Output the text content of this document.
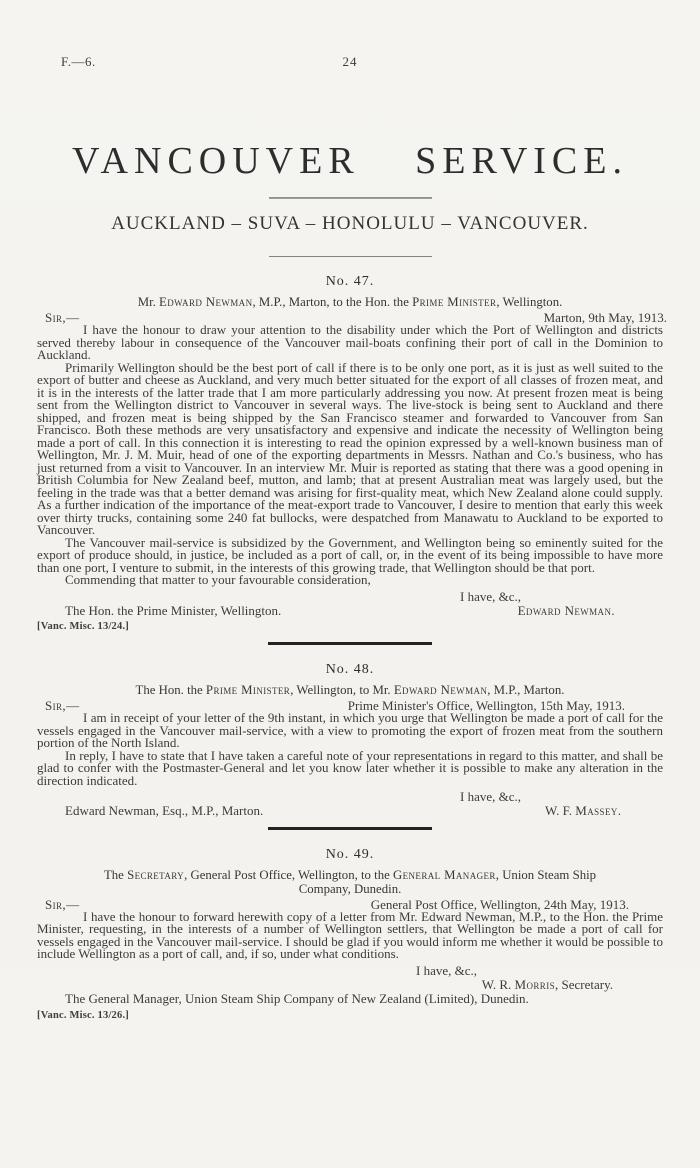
F.—6.	24
VANCOUVER SERVICE.
AUCKLAND – SUVA – HONOLULU – VANCOUVER.
No. 47.

Mr. Edward Newman, M.P., Marton, to the Hon. the Prime Minister, Wellington.

Sir,—	Marton, 9th May, 1913.

I have the honour to draw your attention to the disability under which the Port of Wellington and districts served thereby labour in consequence of the Vancouver mail-boats confining their port of call in the Dominion to Auckland.

Primarily Wellington should be the best port of call if there is to be only one port, as it is just as well suited to the export of butter and cheese as Auckland, and very much better situated for the export of all classes of frozen meat, and it is in the interests of the latter trade that I am more particularly addressing you now. At present frozen meat is being sent from the Wellington district to Vancouver in several ways. The live-stock is being sent to Auckland and there shipped, and frozen meat is being shipped by the San Francisco steamer and forwarded to Vancouver from San Francisco. Both these methods are very unsatisfactory and expensive and indicate the necessity of Wellington being made a port of call. In this connection it is interesting to read the opinion expressed by a well-known business man of Wellington, Mr. J. M. Muir, head of one of the exporting departments in Messrs. Nathan and Co.'s business, who has just returned from a visit to Vancouver. In an interview Mr. Muir is reported as stating that there was a good opening in British Columbia for New Zealand beef, mutton, and lamb; that at present Australian meat was largely used, but the feeling in the trade was that a better demand was arising for first-quality meat, which New Zealand alone could supply. As a further indication of the importance of the meat-export trade to Vancouver, I desire to mention that early this week over thirty trucks, containing some 240 fat bullocks, were despatched from Manawatu to Auckland to be exported to Vancouver.

The Vancouver mail-service is subsidized by the Government, and Wellington being so eminently suited for the export of produce should, in justice, be included as a port of call, or, in the event of its being impossible to have more than one port, I venture to submit, in the interests of this growing trade, that Wellington should be that port.

Commending that matter to your favourable consideration,

I have, &c.,
The Hon. the Prime Minister, Wellington.	Edward Newman.
[Vanc. Misc. 13/24.]
No. 48.

The Hon. the Prime Minister, Wellington, to Mr. Edward Newman, M.P., Marton.

Sir,—	Prime Minister's Office, Wellington, 15th May, 1913.

I am in receipt of your letter of the 9th instant, in which you urge that Wellington be made a port of call for the vessels engaged in the Vancouver mail-service, with a view to promoting the export of frozen meat from the southern portion of the North Island.

In reply, I have to state that I have taken a careful note of your representations in regard to this matter, and shall be glad to confer with the Postmaster-General and let you know later whether it is possible to make any alteration in the direction indicated.

I have, &c.,
Edward Newman, Esq., M.P., Marton.	W. F. Massey.
No. 49.

The Secretary, General Post Office, Wellington, to the General Manager, Union Steam Ship
Company, Dunedin.

Sir,—	General Post Office, Wellington, 24th May, 1913.

I have the honour to forward herewith copy of a letter from Mr. Edward Newman, M.P., to the Hon. the Prime Minister, requesting, in the interests of a number of Wellington settlers, that Wellington be made a port of call for vessels engaged in the Vancouver mail-service. I should be glad if you would inform me whether it would be possible to include Wellington as a port of call, and, if so, under what conditions.

I have, &c.,
W. R. Morris, Secretary.
The General Manager, Union Steam Ship Company of New Zealand (Limited), Dunedin.
[Vanc. Misc. 13/26.]
